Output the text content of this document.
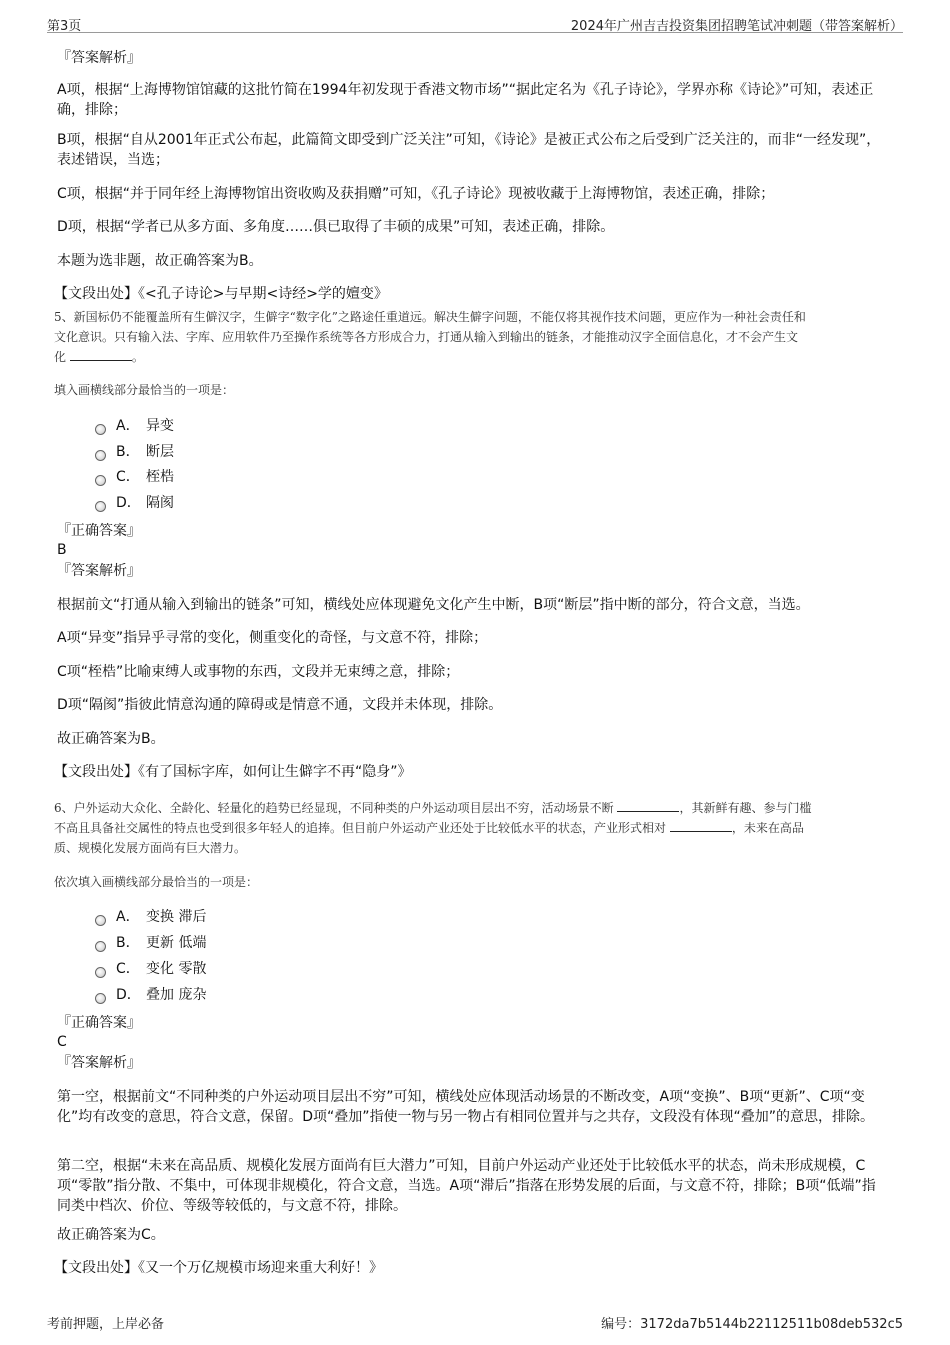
第3页	2024年广州吉吉投资集团招聘笔试冲刺题（带答案解析）
『答案解析』
A项，根据“上海博物馆馆藏的这批竹简在1994年初发现于香港文物市场”“据此定名为《孔子诗论》，学界亦称《诗论》”可知，表述正确，排除；
B项，根据“自从2001年正式公布起，此篇简文即受到广泛关注”可知，《诗论》是被正式公布之后受到广泛关注的，而非“一经发现”，表述错误，当选；
C项，根据“并于同年经上海博物馆出资收购及获捐赠”可知，《孔子诗论》现被收藏于上海博物馆，表述正确，排除；
D项，根据“学者已从多方面、多角度……俱已取得了丰硕的成果”可知，表述正确，排除。
本题为选非题，故正确答案为B。
【文段出处】《<孔子诗论>与早期<诗经>学的嬗变》
5、新国标仍不能覆盖所有生僻汉字，生僻字“数字化”之路途任重道远。解决生僻字问题，不能仅将其视作技术问题，更应作为一种社会责任和
文化意识。只有输入法、字库、应用软件乃至操作系统等各方形成合力，打通从输入到输出的链条，才能推动汉字全面信息化，才不会产生文
化	。
填入画横线部分最恰当的一项是：
A． 异变
B． 断层
C． 桎梏
D． 隔阂
『正确答案』
B
『答案解析』
根据前文“打通从输入到输出的链条”可知，横线处应体现避免文化产生中断，B项“断层”指中断的部分，符合文意，当选。
A项“异变”指异乎寻常的变化，侧重变化的奇怪，与文意不符，排除；
C项“桎梏”比喻束缚人或事物的东西，文段并无束缚之意，排除；
D项“隔阂”指彼此情意沟通的障碍或是情意不通，文段并未体现，排除。
故正确答案为B。
【文段出处】《有了国标字库，如何让生僻字不再“隐身”》
6、户外运动大众化、全龄化、轻量化的趋势已经显现，不同种类的户外运动项目层出不穷，活动场景不断	，其新鲜有趣、参与门槛
不高且具备社交属性的特点也受到很多年轻人的追捧。但目前户外运动产业还处于比较低水平的状态，产业形式相对	，未来在高品
质、规模化发展方面尚有巨大潜力。
依次填入画横线部分最恰当的一项是：
A． 变换 滞后
B． 更新 低端
C． 变化 零散
D． 叠加 庞杂
『正确答案』
C
『答案解析』
第一空，根据前文“不同种类的户外运动项目层出不穷”可知，横线处应体现活动场景的不断改变，A项“变换”、B项“更新”、C项“变化”均有改变的意思，符合文意，保留。D项“叠加”指使一物与另一物占有相同位置并与之共存，文段没有体现“叠加”的意思，排除。
第二空，根据“未来在高品质、规模化发展方面尚有巨大潜力”可知，目前户外运动产业还处于比较低水平的状态，尚未形成规模，C项“零散”指分散、不集中，可体现非规模化，符合文意，当选。A项“滞后”指落在形势发展的后面，与文意不符，排除；B项“低端”指同类中档次、价位、等级等较低的，与文意不符，排除。
故正确答案为C。
【文段出处】《又一个万亿规模市场迎来重大利好！》
考前押题，上岸必备	编号：3172da7b5144b22112511b08deb532c5
